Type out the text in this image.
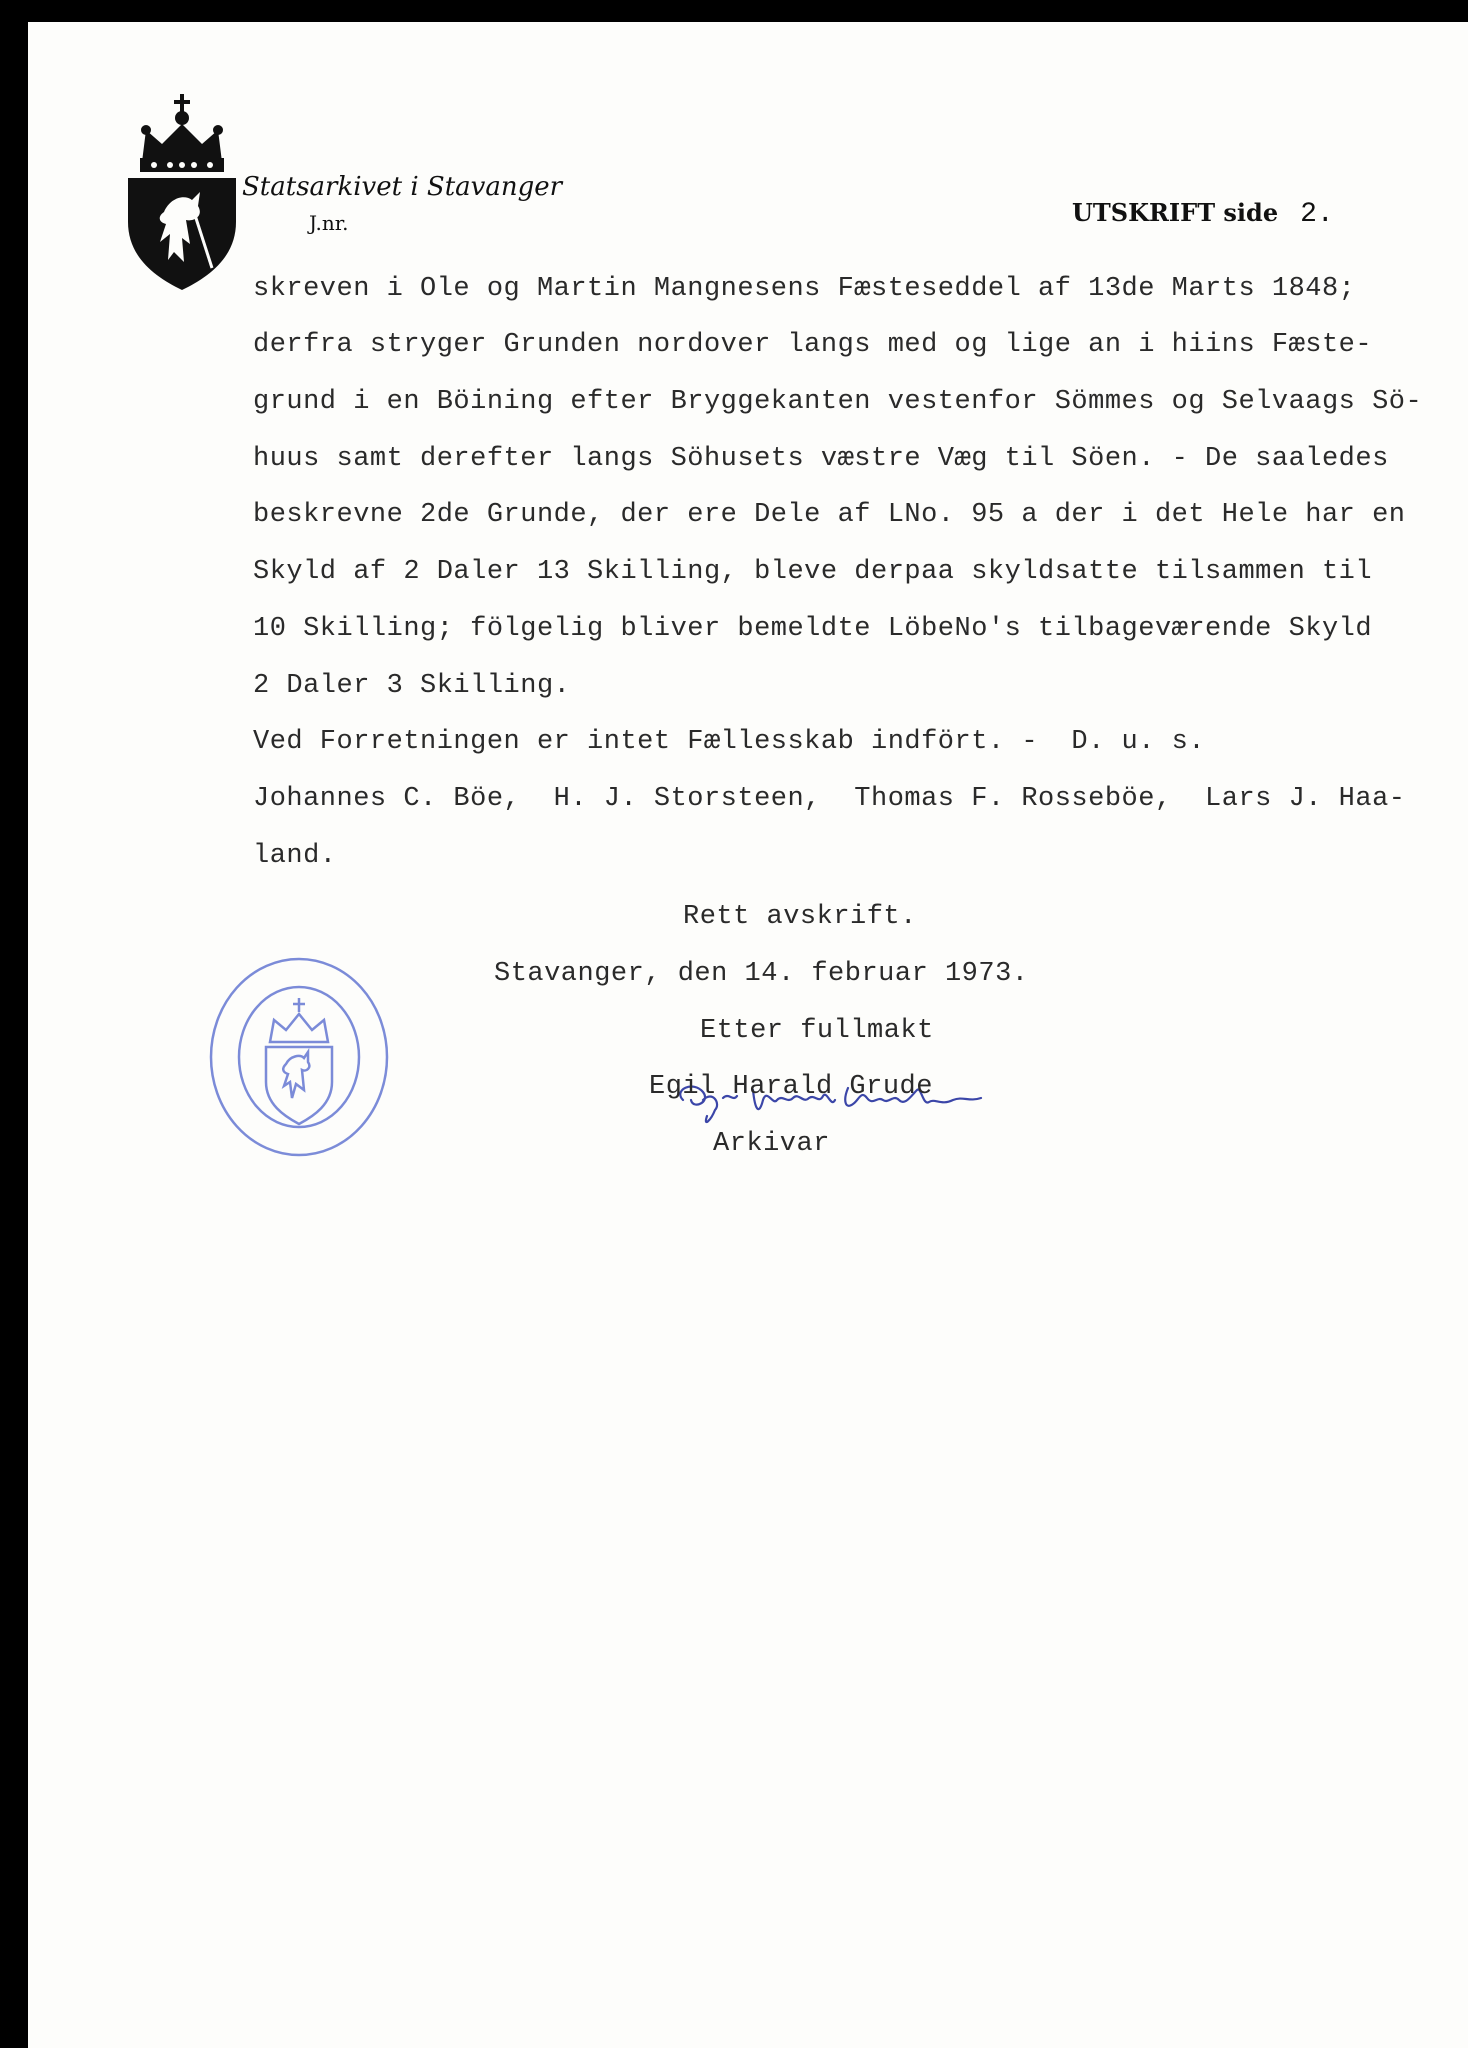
Statsarkivet i Stavanger
J.nr.	UTSKRIFT side 2.
skreven i Ole og Martin Mangnesens Fæsteseddel af 13de Marts 1848;
derfra stryger Grunden nordover langs med og lige an i hiins Fæste-
grund i en Böining efter Bryggekanten vestenfor Sömmes og Selvaags Sö-
huus samt derefter langs Söhusets væstre Væg til Söen. - De saaledes
beskrevne 2de Grunde, der ere Dele af LNo. 95 a der i det Hele har en
Skyld af 2 Daler 13 Skilling, bleve derpaa skyldsatte tilsammen til
10 Skilling; fölgelig bliver bemeldte LöbeNo's tilbageværende Skyld
2 Daler 3 Skilling.
Ved Forretningen er intet Fællesskab indfört. -  D. u. s.
Johannes C. Böe,  H. J. Storsteen,  Thomas F. Rosseböe,  Lars J. Haa-
land.
Rett avskrift.
Stavanger, den 14. februar 1973.
Etter fullmakt
Egil Harald Grude
Arkivar
